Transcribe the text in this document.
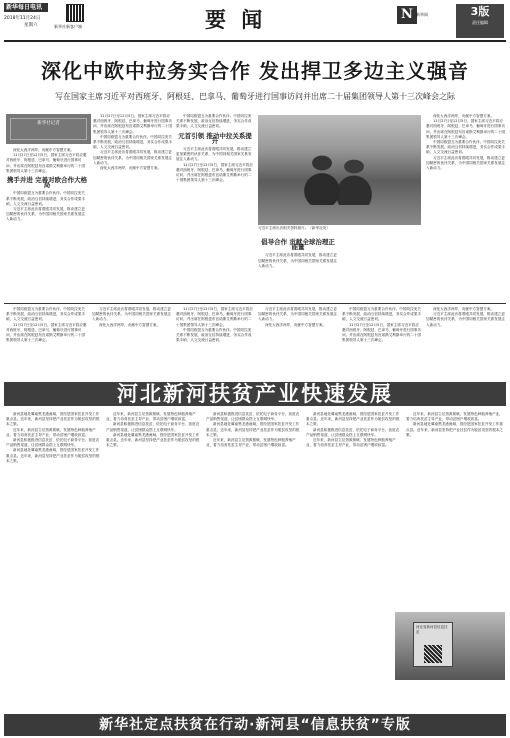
新华每日电讯
2018年11月24日
星期六	新华社新客户端	要 闻	N 新华网	3版
责任编辑
深化中欧中拉务实合作 发出捍卫多边主义强音
写在国家主席习近平对西班牙、阿根廷、巴拿马、葡萄牙进行国事访问并出席二十届集团领导人第十三次峰会之际
新华社记者

深化大西洋两岸，贡献中方智慧方案。

11月27日至12月5日，国家主席习近平将应邀对西班牙、阿根廷、巴拿马、葡萄牙进行国事访问，并出席在阿根廷布宜诺斯艾利斯举行的二十国集团领导人第十三次峰会。

携手并进 完善对欧合作大格局

中国同欧盟互为重要合作伙伴。中国同拉美关系不断发展，政治互信持续增进，务实合作成果丰硕，人文交流日益密切。

习近平主席此访将着眼共同发展，推动建立更加紧密的伙伴关系，为中国同相关国家关系发展注入新动力。

11月27日至12月5日，国家主席习近平将应邀对西班牙、阿根廷、巴拿马、葡萄牙进行国事访问，并出席在阿根廷布宜诺斯艾利斯举行的二十国集团领导人第十三次峰会。

中国同欧盟互为重要合作伙伴。中国同拉美关系不断发展，政治互信持续增进，务实合作成果丰硕，人文交流日益密切。

习近平主席此访将着眼共同发展，推动建立更加紧密的伙伴关系，为中国同相关国家关系发展注入新动力。

深化大西洋两岸，贡献中方智慧方案。

中国同欧盟互为重要合作伙伴。中国同拉美关系不断发展，政治互信持续增进，务实合作成果丰硕，人文交流日益密切。

元首引领 推动中拉关系提升

习近平主席此访将着眼共同发展，推动建立更加紧密的伙伴关系，为中国同相关国家关系发展注入新动力。

11月27日至12月5日，国家主席习近平将应邀对西班牙、阿根廷、巴拿马、葡萄牙进行国事访问，并出席在阿根廷布宜诺斯艾利斯举行的二十国集团领导人第十三次峰会。

习近平主席出访相关资料照片。（新华社发）

倡导合作 贡献全球治理正能量

习近平主席此访将着眼共同发展，推动建立更加紧密的伙伴关系，为中国同相关国家关系发展注入新动力。

深化大西洋两岸，贡献中方智慧方案。

11月27日至12月5日，国家主席习近平将应邀对西班牙、阿根廷、巴拿马、葡萄牙进行国事访问，并出席在阿根廷布宜诺斯艾利斯举行的二十国集团领导人第十三次峰会。

中国同欧盟互为重要合作伙伴。中国同拉美关系不断发展，政治互信持续增进，务实合作成果丰硕，人文交流日益密切。

习近平主席此访将着眼共同发展，推动建立更加紧密的伙伴关系，为中国同相关国家关系发展注入新动力。

中国同欧盟互为重要合作伙伴。中国同拉美关系不断发展，政治互信持续增进，务实合作成果丰硕，人文交流日益密切。

11月27日至12月5日，国家主席习近平将应邀对西班牙、阿根廷、巴拿马、葡萄牙进行国事访问，并出席在阿根廷布宜诺斯艾利斯举行的二十国集团领导人第十三次峰会。

习近平主席此访将着眼共同发展，推动建立更加紧密的伙伴关系，为中国同相关国家关系发展注入新动力。

深化大西洋两岸，贡献中方智慧方案。

11月27日至12月5日，国家主席习近平将应邀对西班牙、阿根廷、巴拿马、葡萄牙进行国事访问，并出席在阿根廷布宜诺斯艾利斯举行的二十国集团领导人第十三次峰会。

中国同欧盟互为重要合作伙伴。中国同拉美关系不断发展，政治互信持续增进，务实合作成果丰硕，人文交流日益密切。

习近平主席此访将着眼共同发展，推动建立更加紧密的伙伴关系，为中国同相关国家关系发展注入新动力。

深化大西洋两岸，贡献中方智慧方案。

中国同欧盟互为重要合作伙伴。中国同拉美关系不断发展，政治互信持续增进，务实合作成果丰硕，人文交流日益密切。

11月27日至12月5日，国家主席习近平将应邀对西班牙、阿根廷、巴拿马、葡萄牙进行国事访问，并出席在阿根廷布宜诺斯艾利斯举行的二十国集团领导人第十三次峰会。

深化大西洋两岸，贡献中方智慧方案。

习近平主席此访将着眼共同发展，推动建立更加紧密的伙伴关系，为中国同相关国家关系发展注入新动力。

河北新河扶贫产业快速发展

新河县地处冀南黑龙港流域，曾经是国家扶贫开发工作重点县。近年来，新河县坚持把产业扶贫作为脱贫攻坚的根本之策。

近年来，新河县立足资源禀赋，发展特色种植养殖产业，着力培育扶贫主导产业，带动贫困户增收致富。

新河县积极推进信息扶贫，依托电子商务平台，拓宽农产品销售渠道，让贫困群众搭上互联网快车。

新河县地处冀南黑龙港流域，曾经是国家扶贫开发工作重点县。近年来，新河县坚持把产业扶贫作为脱贫攻坚的根本之策。

近年来，新河县立足资源禀赋，发展特色种植养殖产业，着力培育扶贫主导产业，带动贫困户增收致富。

新河县积极推进信息扶贫，依托电子商务平台，拓宽农产品销售渠道，让贫困群众搭上互联网快车。

新河县地处冀南黑龙港流域，曾经是国家扶贫开发工作重点县。近年来，新河县坚持把产业扶贫作为脱贫攻坚的根本之策。

新河县积极推进信息扶贫，依托电子商务平台，拓宽农产品销售渠道，让贫困群众搭上互联网快车。

新河县地处冀南黑龙港流域，曾经是国家扶贫开发工作重点县。近年来，新河县坚持把产业扶贫作为脱贫攻坚的根本之策。

近年来，新河县立足资源禀赋，发展特色种植养殖产业，着力培育扶贫主导产业，带动贫困户增收致富。

新河县地处冀南黑龙港流域，曾经是国家扶贫开发工作重点县。近年来，新河县坚持把产业扶贫作为脱贫攻坚的根本之策。

新河县积极推进信息扶贫，依托电子商务平台，拓宽农产品销售渠道，让贫困群众搭上互联网快车。

近年来，新河县立足资源禀赋，发展特色种植养殖产业，着力培育扶贫主导产业，带动贫困户增收致富。

近年来，新河县立足资源禀赋，发展特色种植养殖产业，着力培育扶贫主导产业，带动贫困户增收致富。

新河县地处冀南黑龙港流域，曾经是国家扶贫开发工作重点县。近年来，新河县坚持把产业扶贫作为脱贫攻坚的根本之策。

河北省新河县信息扶贫
新华社定点扶贫在行动·新河县“信息扶贫”专版
